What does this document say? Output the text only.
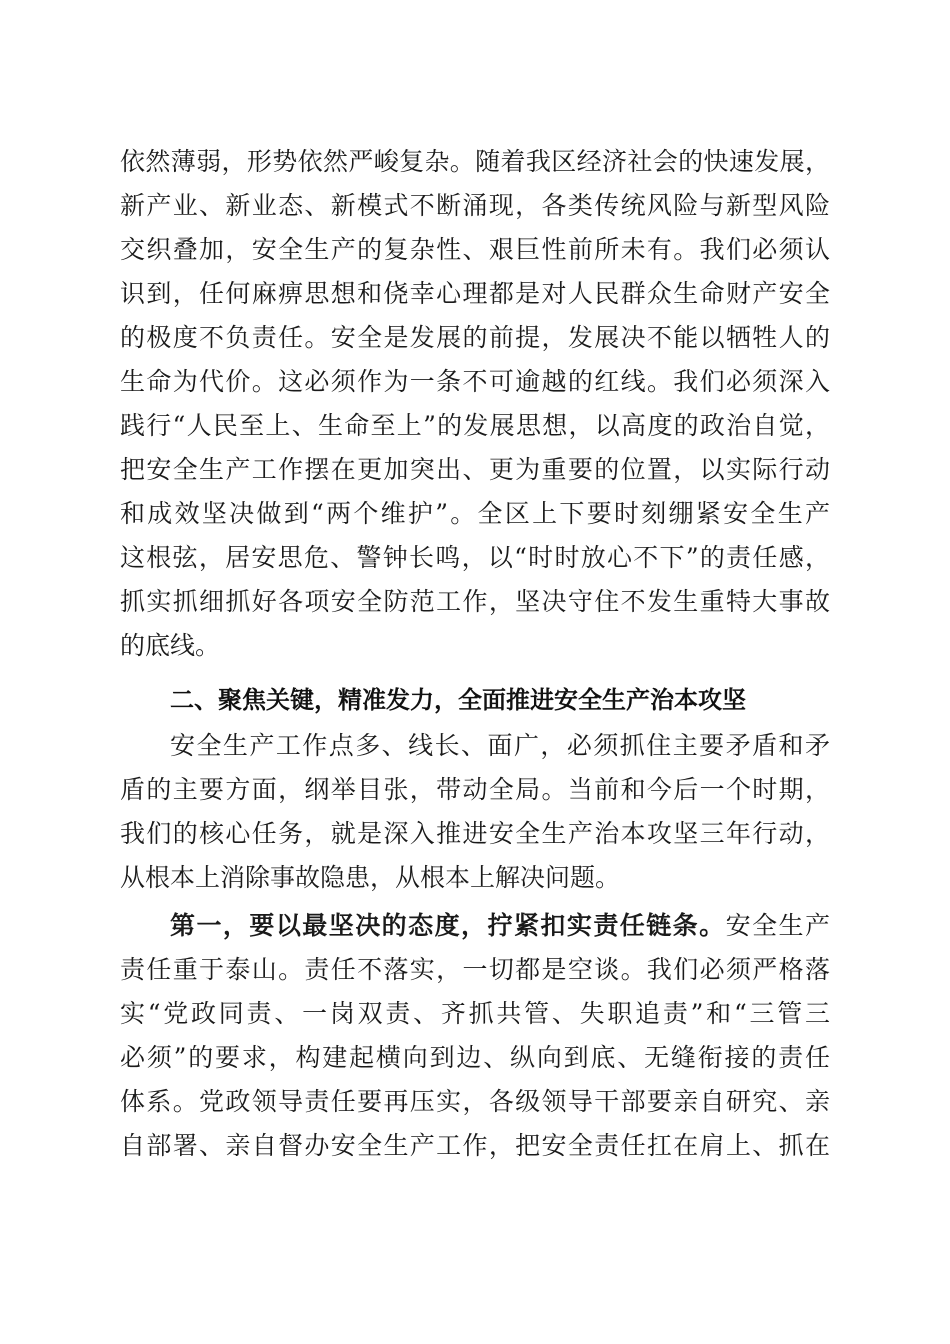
依然薄弱，形势依然严峻复杂。随着我区经济社会的快速发展，
新产业、新业态、新模式不断涌现，各类传统风险与新型风险
交织叠加，安全生产的复杂性、艰巨性前所未有。我们必须认
识到，任何麻痹思想和侥幸心理都是对人民群众生命财产安全
的极度不负责任。安全是发展的前提，发展决不能以牺牲人的
生命为代价。这必须作为一条不可逾越的红线。我们必须深入
践行“人民至上、生命至上”的发展思想，以高度的政治自觉，
把安全生产工作摆在更加突出、更为重要的位置，以实际行动
和成效坚决做到“两个维护”。全区上下要时刻绷紧安全生产
这根弦，居安思危、警钟长鸣，以“时时放心不下”的责任感，
抓实抓细抓好各项安全防范工作，坚决守住不发生重特大事故
的底线。
二、聚焦关键，精准发力，全面推进安全生产治本攻坚
安全生产工作点多、线长、面广，必须抓住主要矛盾和矛
盾的主要方面，纲举目张，带动全局。当前和今后一个时期，
我们的核心任务，就是深入推进安全生产治本攻坚三年行动，
从根本上消除事故隐患，从根本上解决问题。
第一，要以最坚决的态度，拧紧扣实责任链条。安全生产
责任重于泰山。责任不落实，一切都是空谈。我们必须严格落
实“党政同责、一岗双责、齐抓共管、失职追责”和“三管三
必须”的要求，构建起横向到边、纵向到底、无缝衔接的责任
体系。党政领导责任要再压实，各级领导干部要亲自研究、亲
自部署、亲自督办安全生产工作，把安全责任扛在肩上、抓在
